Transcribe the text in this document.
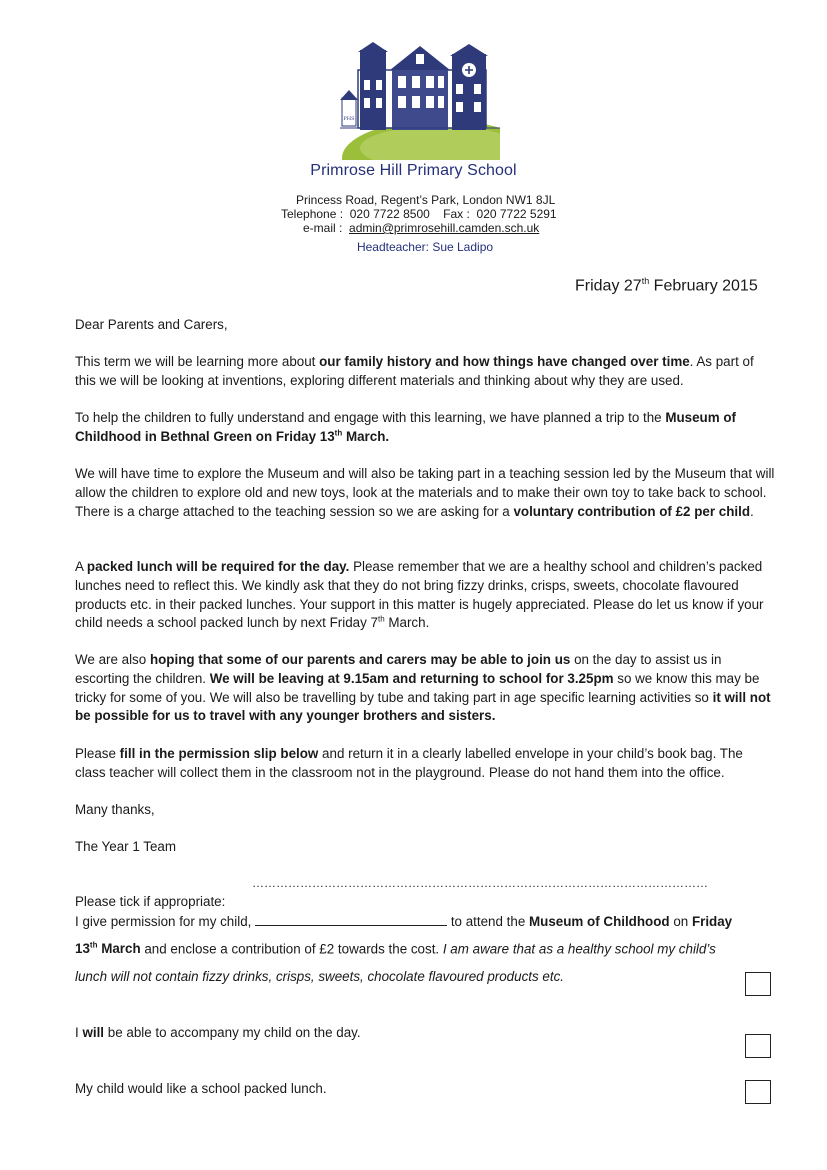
PHS
Primrose Hill Primary School
Princess Road, Regent’s Park, London NW1 8JL
Telephone : 020 7722 8500 Fax : 020 7722 5291
e-mail : admin@primrosehill.camden.sch.uk
Headteacher: Sue Ladipo
Friday 27th February 2015

Dear Parents and Carers,

This term we will be learning more about our family history and how things have changed over time. As part of this we will be looking at inventions, exploring different materials and thinking about why they are used.

To help the children to fully understand and engage with this learning, we have planned a trip to the Museum of Childhood in Bethnal Green on Friday 13th March.

We will have time to explore the Museum and will also be taking part in a teaching session led by the Museum that will allow the children to explore old and new toys, look at the materials and to make their own toy to take back to school. There is a charge attached to the teaching session so we are asking for a voluntary contribution of £2 per child.

A packed lunch will be required for the day. Please remember that we are a healthy school and children’s packed lunches need to reflect this. We kindly ask that they do not bring fizzy drinks, crisps, sweets, chocolate flavoured products etc. in their packed lunches. Your support in this matter is hugely appreciated. Please do let us know if your child needs a school packed lunch by next Friday 7th March.

We are also hoping that some of our parents and carers may be able to join us on the day to assist us in escorting the children. We will be leaving at 9.15am and returning to school for 3.25pm so we know this may be tricky for some of you. We will also be travelling by tube and taking part in age specific learning activities so it will not be possible for us to travel with any younger brothers and sisters.

Please fill in the permission slip below and return it in a clearly labelled envelope in your child’s book bag. The class teacher will collect them in the classroom not in the playground. Please do not hand them into the office.

Many thanks,

The Year 1 Team

……………………………………………………………………………………………………
Please tick if appropriate:
I give permission for my child,	to attend the Museum of Childhood on Friday
13th March and enclose a contribution of £2 towards the cost. I am aware that as a healthy school my child’s
lunch will not contain fizzy drinks, crisps, sweets, chocolate flavoured products etc.
I will be able to accompany my child on the day.
My child would like a school packed lunch.
